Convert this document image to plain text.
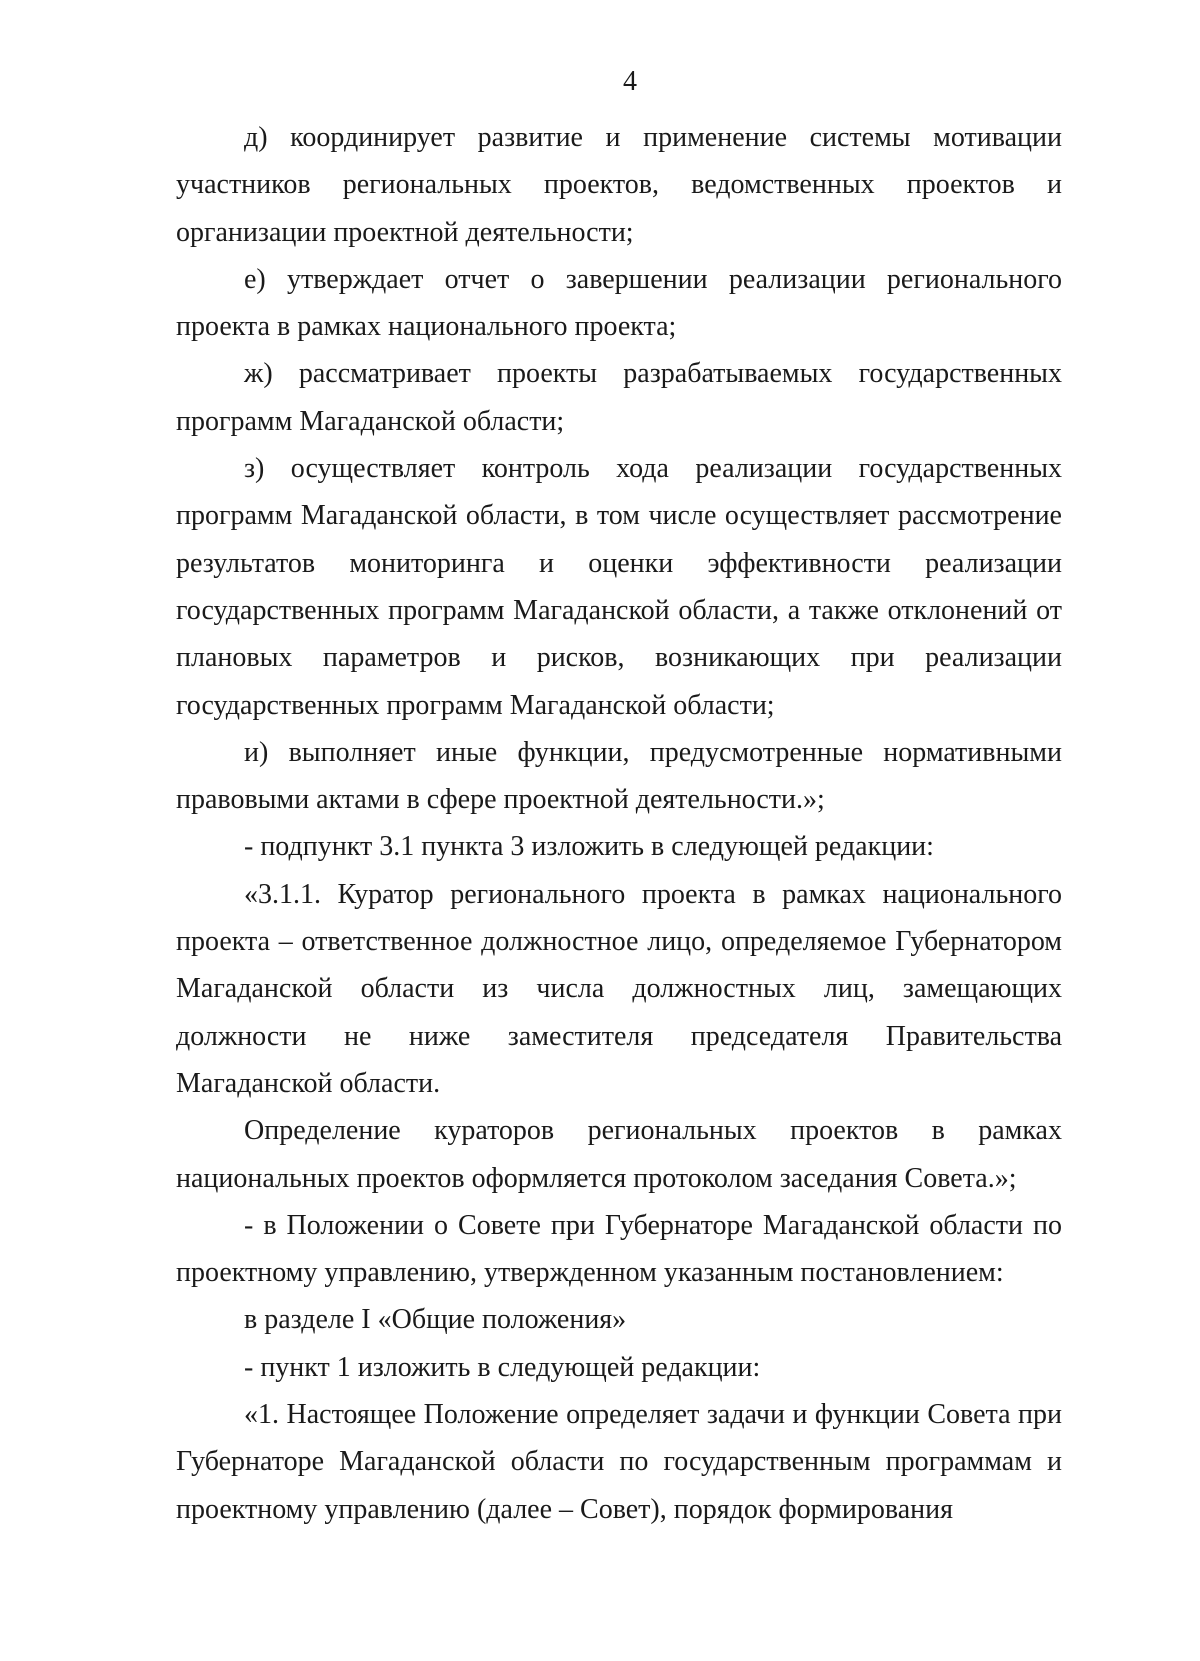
4

д) координирует развитие и применение системы мотивации участников региональных проектов, ведомственных проектов и организации проектной деятельности;

е) утверждает отчет о завершении реализации регионального проекта в рамках национального проекта;

ж) рассматривает проекты разрабатываемых государственных программ Магаданской области;

з) осуществляет контроль хода реализации государственных программ Магаданской области, в том числе осуществляет рассмотрение результатов мониторинга и оценки эффективности реализации государственных программ Магаданской области, а также отклонений от плановых параметров и рисков, возникающих при реализации государственных программ Магаданской области;

и) выполняет иные функции, предусмотренные нормативными правовыми актами в сфере проектной деятельности.»;

- подпункт 3.1 пункта 3 изложить в следующей редакции:

«3.1.1. Куратор регионального проекта в рамках национального проекта – ответственное должностное лицо, определяемое Губернатором Магаданской области из числа должностных лиц, замещающих должности не ниже заместителя председателя Правительства Магаданской области.

Определение кураторов региональных проектов в рамках национальных проектов оформляется протоколом заседания Совета.»;

- в Положении о Совете при Губернаторе Магаданской области по проектному управлению, утвержденном указанным постановлением:

в разделе I «Общие положения»

- пункт 1 изложить в следующей редакции:

«1. Настоящее Положение определяет задачи и функции Совета при Губернаторе Магаданской области по государственным программам и проектному управлению (далее – Совет), порядок формирования
